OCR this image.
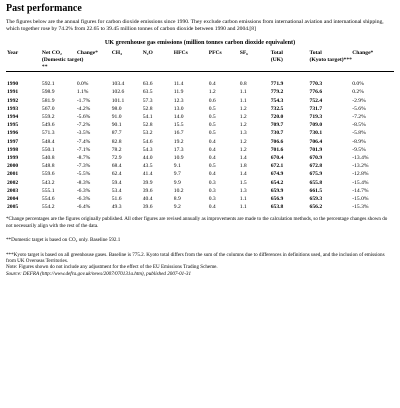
Past performance

The figures below are the annual figures for carbon dioxide emissions since 1990. They exclude carbon emissions from international aviation and international shipping, which together rose by 74.2% from 22.65 to 39.45 million tonnes of carbon dioxide between 1990 and 2004.[8]

UK greenhouse gas emissions (million tonnes carbon dioxide equivalent)
Year	Net CO₂	Change*	CH₄	N₂O	HFCs	PFCs	SF₆	Total	Total	Change*
	(Domestic target)							(UK)	(Kyoto target)***	
	**									

1990	592.1	0.0%	103.4	63.6	11.4	0.4	0.8	771.9	770.3	0.0%
1991	598.9	1.1%	102.6	63.5	11.9	1.2	1.1	779.2	776.6	0.2%
1992	581.9	-1.7%	101.1	57.3	12.3	0.6	1.1	754.3	752.4	-2.9%
1993	567.0	-4.2%	98.0	52.8	13.0	0.5	1.2	732.5	731.7	-5.6%
1994	559.2	-5.6%	91.0	54.1	14.0	0.5	1.2	720.0	719.3	-7.2%
1995	549.6	-7.2%	90.1	52.8	15.5	0.5	1.2	709.7	709.0	-8.5%
1996	571.3	-3.5%	87.7	53.2	16.7	0.5	1.3	730.7	730.1	-5.8%
1997	548.4	-7.4%	82.8	54.6	19.2	0.4	1.2	706.6	706.4	-8.9%
1998	550.1	-7.1%	78.2	54.3	17.3	0.4	1.2	701.6	701.9	-9.5%
1999	540.8	-8.7%	72.9	44.0	10.9	0.4	1.4	670.4	670.9	-13.4%
2000	548.8	-7.3%	68.4	43.5	9.1	0.5	1.8	672.1	672.8	-13.2%
2001	559.6	-5.5%	62.4	41.4	9.7	0.4	1.4	674.9	675.9	-12.8%
2002	543.2	-8.3%	59.4	39.9	9.9	0.3	1.5	654.2	655.8	-15.4%
2003	555.1	-6.3%	53.4	39.6	10.2	0.3	1.3	659.9	661.5	-14.7%
2004	554.6	-6.3%	51.6	40.4	8.9	0.3	1.1	656.9	659.3	-15.0%
2005	554.2	-6.4%	49.3	39.6	9.2	0.4	1.1	653.8	656.2	-15.3%

*Change percentages are the figures originally published. All other figures are revised annually as improvements are made to the calculation methods, so the percentage changes shown do not necessarily align with the rest of the data.

**Domestic target is based on CO₂ only. Baseline 592.1

***Kyoto target is based on all greenhouse gases. Baseline is 775.2. Kyoto total differs from the sum of the columns due to differences in definitions used, and the inclusion of emissions from UK Overseas Territories.

Note: Figures shown do not include any adjustment for the effect of the EU Emissions Trading Scheme.

Source: DEFRA (http://www.defra.gov.uk/news/2007/070131a.htm), published 2007-01-31
